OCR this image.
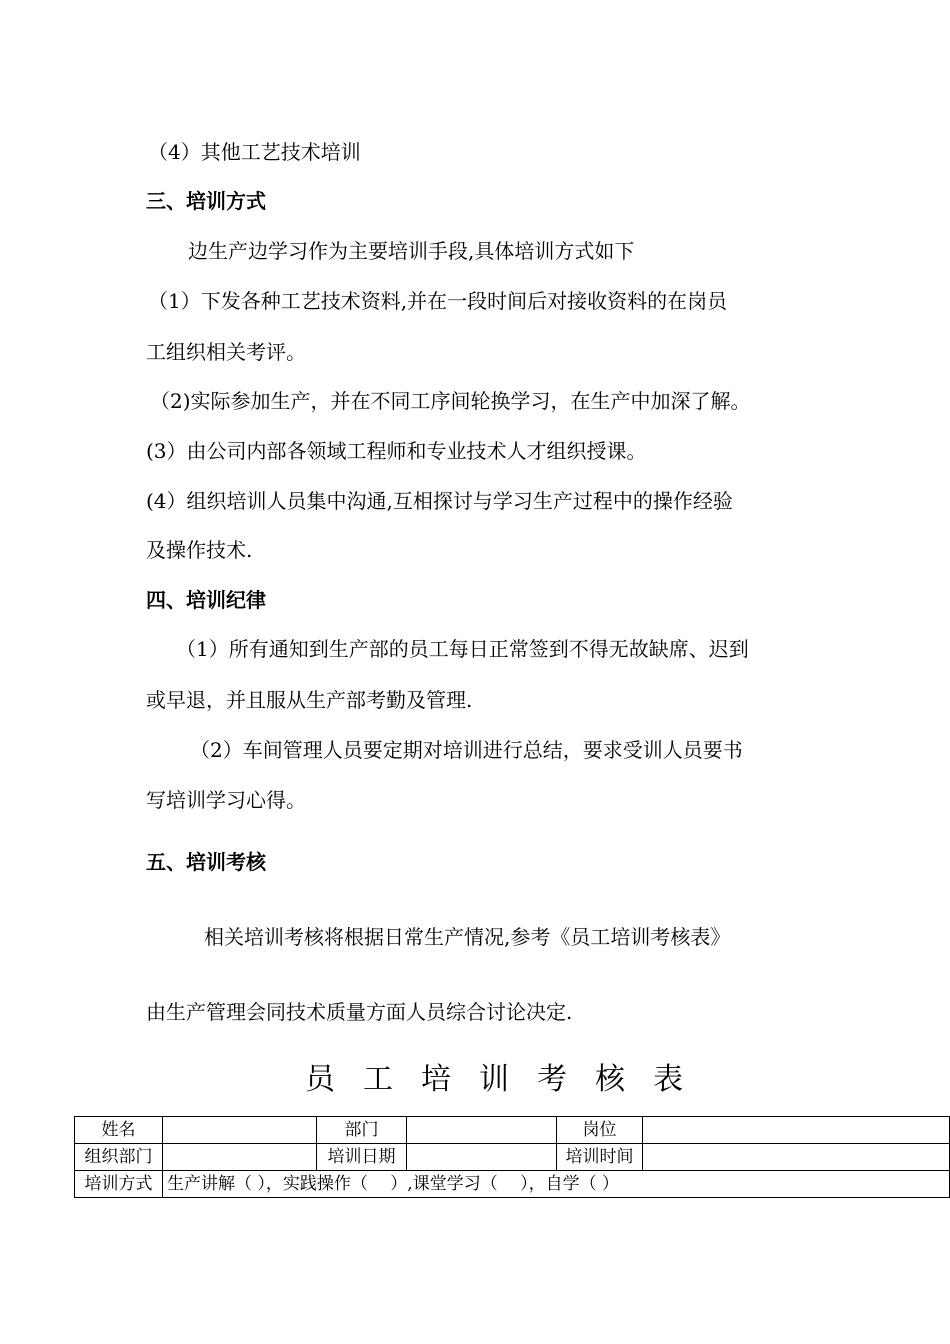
（4）其他工艺技术培训
三、培训方式
边生产边学习作为主要培训手段,具体培训方式如下
（1）下发各种工艺技术资料,并在一段时间后对接收资料的在岗员
工组织相关考评。
（2)实际参加生产，并在不同工序间轮换学习，在生产中加深了解。
(3）由公司内部各领域工程师和专业技术人才组织授课。
(4）组织培训人员集中沟通,互相探讨与学习生产过程中的操作经验
及操作技术.
四、培训纪律
（1）所有通知到生产部的员工每日正常签到不得无故缺席、迟到
或早退，并且服从生产部考勤及管理.
（2）车间管理人员要定期对培训进行总结，要求受训人员要书
写培训学习心得。
五、培训考核
相关培训考核将根据日常生产情况,参考《员工培训考核表》
由生产管理会同技术质量方面人员综合讨论决定.
员工培训考核表
姓名		部门		岗位	
组织部门		培训日期		培训时间	
培训方式	生产讲解（ ），实践操作（　 ）,课堂学习（　 ），自学（ ）				
